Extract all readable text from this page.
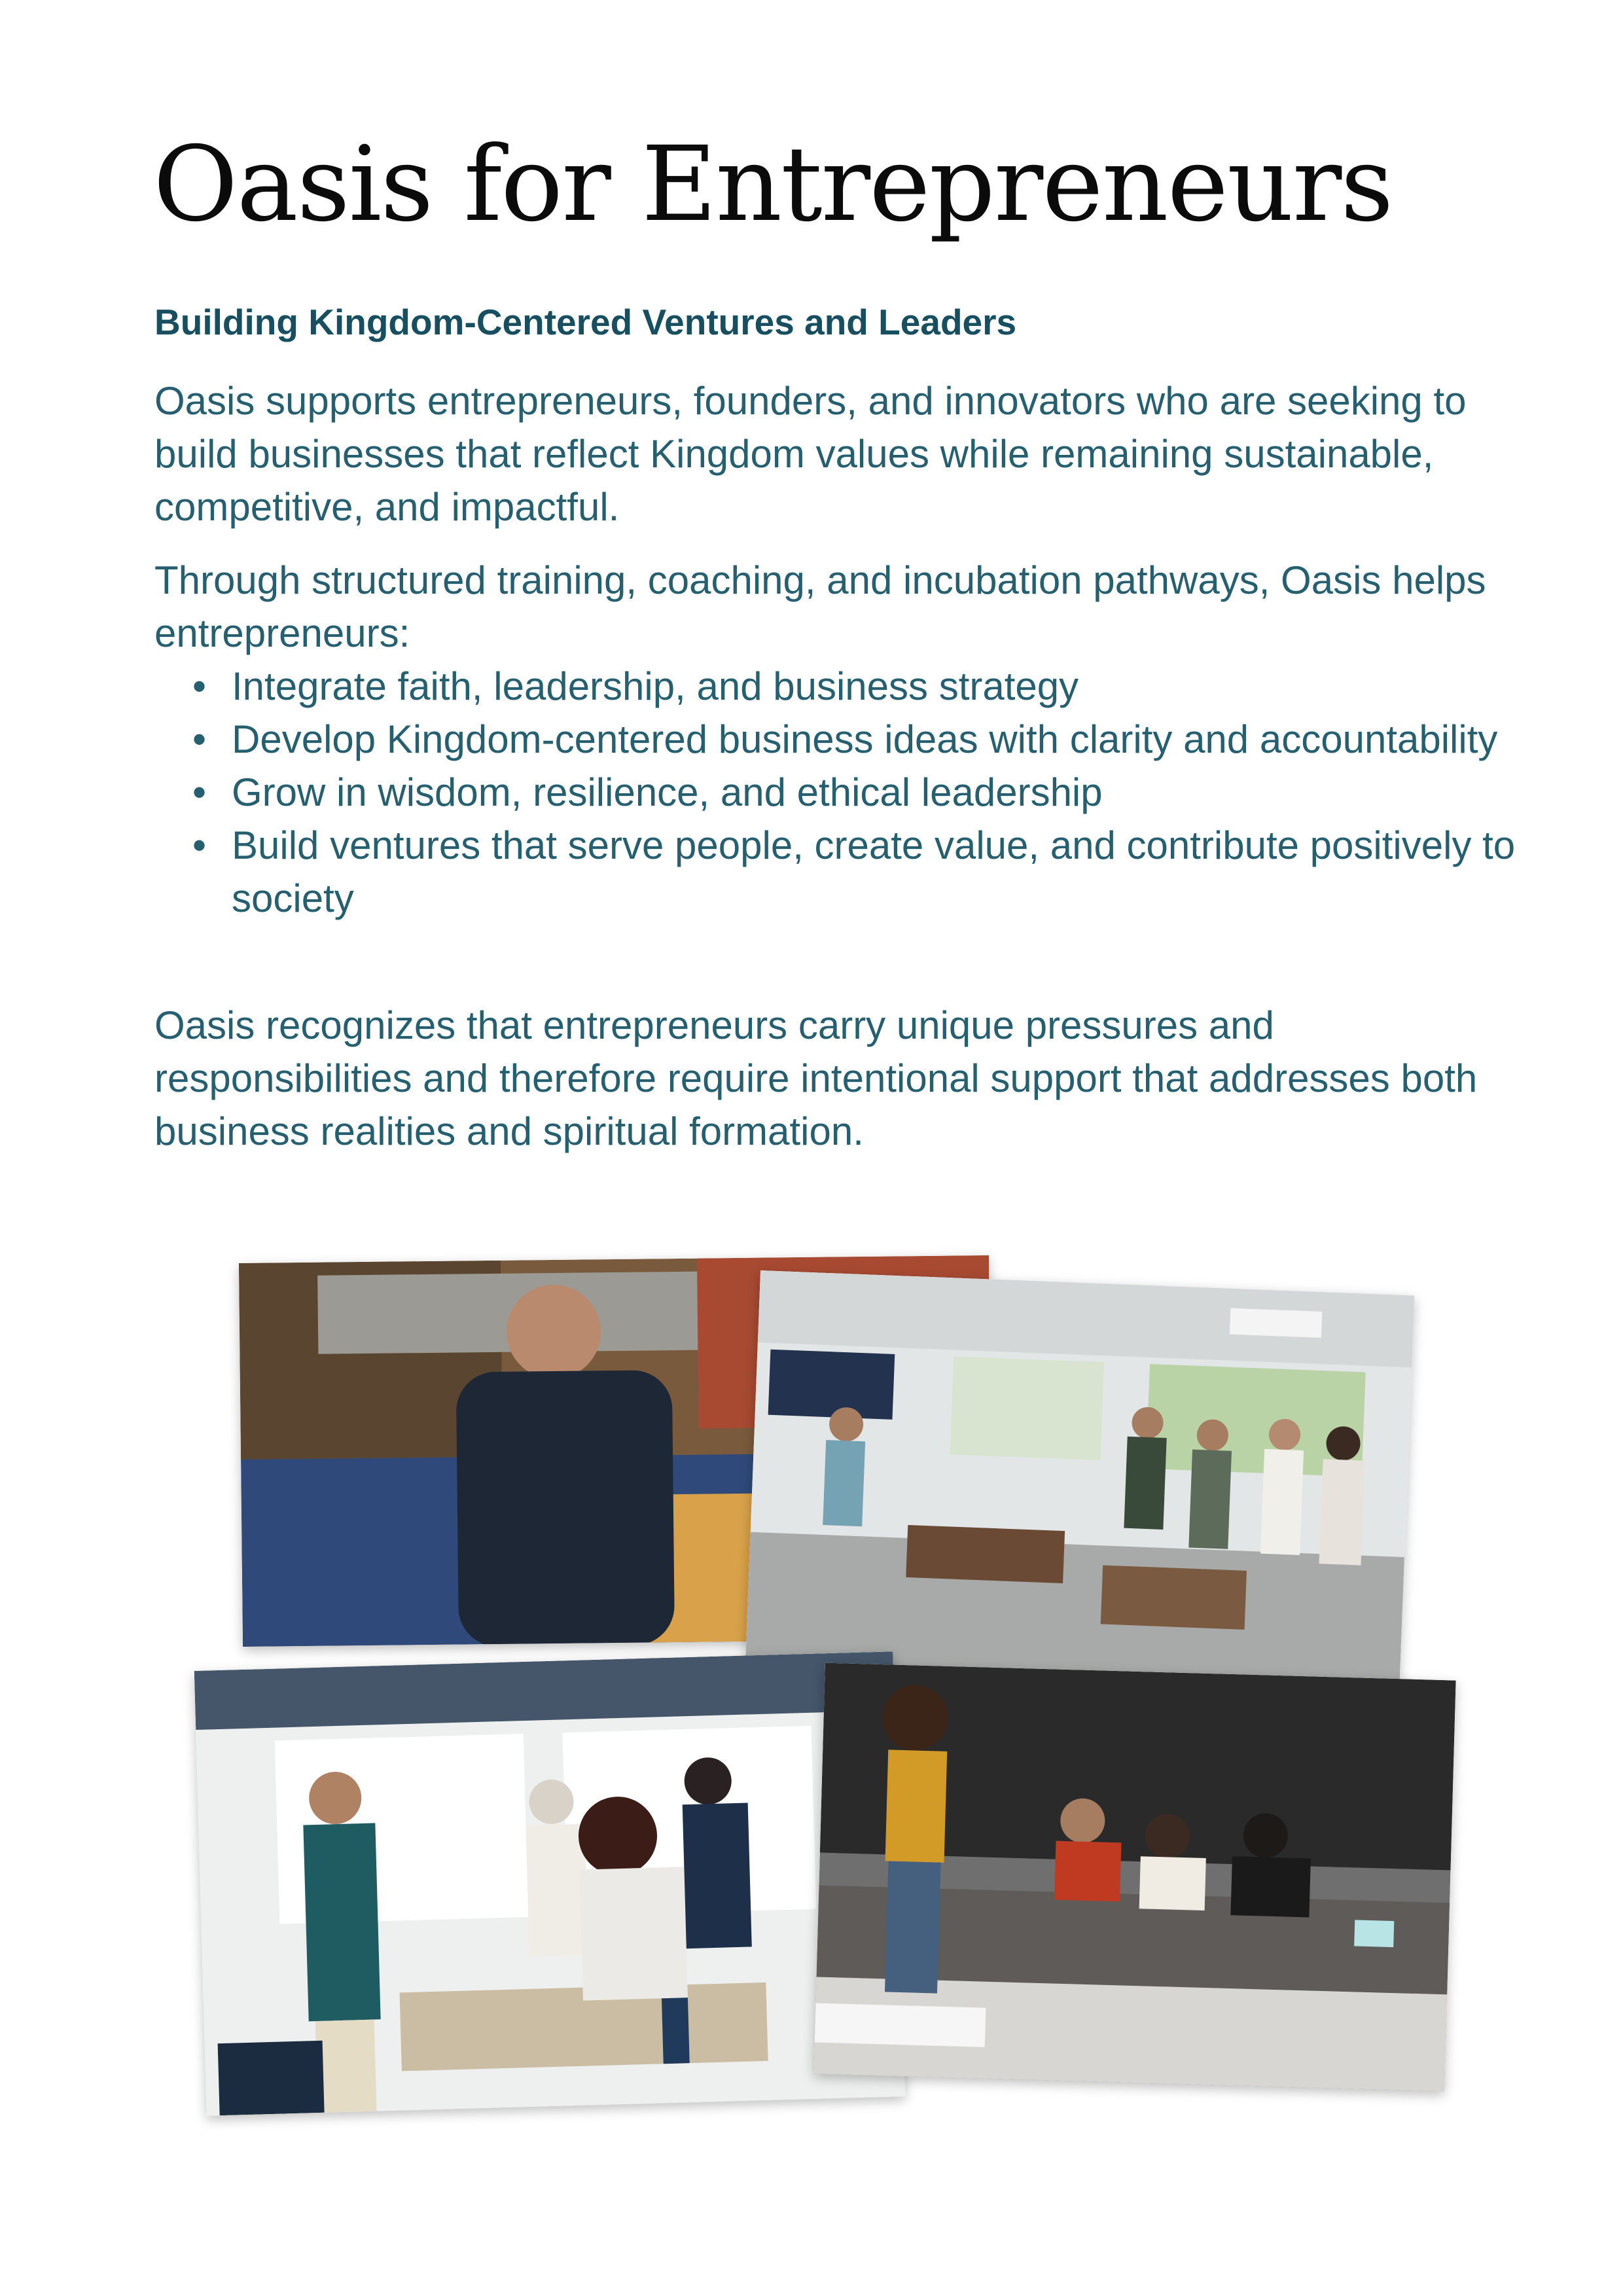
Oasis for Entrepreneurs
Building Kingdom-Centered Ventures and Leaders

Oasis supports entrepreneurs, founders, and innovators who are seeking to build businesses that reflect Kingdom values while remaining sustainable, competitive, and impactful.

Through structured training, coaching, and incubation pathways, Oasis helps entrepreneurs:

• Integrate faith, leadership, and business strategy
• Develop Kingdom-centered business ideas with clarity and accountability
• Grow in wisdom, resilience, and ethical leadership
• Build ventures that serve people, create value, and contribute positively to society

Oasis recognizes that entrepreneurs carry unique pressures and responsibilities and therefore require intentional support that addresses both business realities and spiritual formation.
